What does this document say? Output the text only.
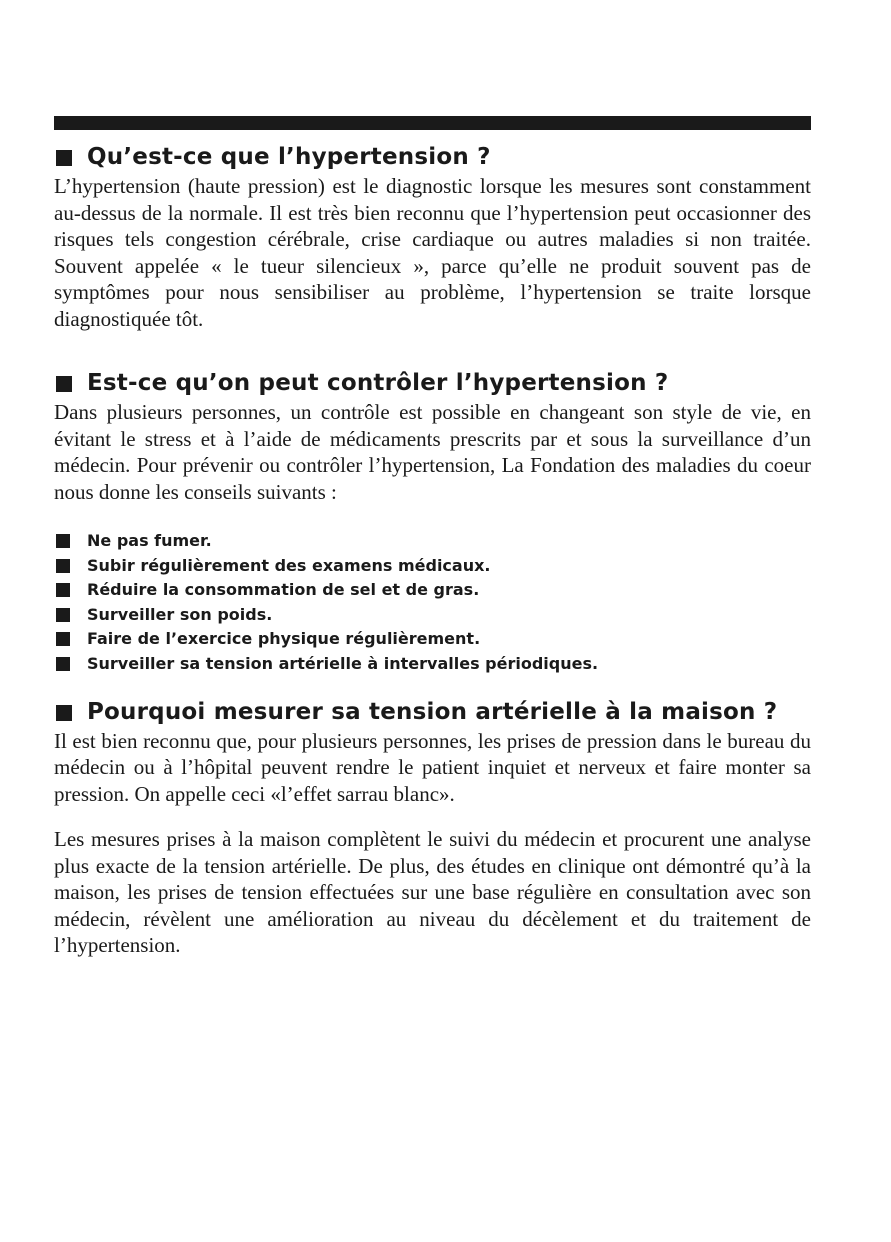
Qu’est-ce que l’hypertension ?

L’hypertension (haute pression) est le diagnostic lorsque les mesures sont constamment au-dessus de la normale. Il est très bien reconnu que l’hypertension peut occasionner des risques tels congestion cérébrale, crise cardiaque ou autres maladies si non traitée. Souvent appelée « le tueur silencieux », parce qu’elle ne produit souvent pas de symptômes pour nous sensibiliser au problème, l’hypertension se traite lorsque diagnostiquée tôt.

Est-ce qu’on peut contrôler l’hypertension ?

Dans plusieurs personnes, un contrôle est possible en changeant son style de vie, en évitant le stress et à l’aide de médicaments prescrits par et sous la surveillance d’un médecin. Pour prévenir ou contrôler l’hypertension, La Fondation des maladies du coeur nous donne les conseils suivants :

Ne pas fumer.
Subir régulièrement des examens médicaux.
Réduire la consommation de sel et de gras.
Surveiller son poids.
Faire de l’exercice physique régulièrement.
Surveiller sa tension artérielle à intervalles périodiques.
Pourquoi mesurer sa tension artérielle à la maison ?

Il est bien reconnu que, pour plusieurs personnes, les prises de pression dans le bureau du médecin ou à l’hôpital peuvent rendre le patient inquiet et nerveux et faire monter sa pression. On appelle ceci «l’effet sarrau blanc».

Les mesures prises à la maison complètent le suivi du médecin et procurent une analyse plus exacte de la tension artérielle. De plus, des études en clinique ont démontré qu’à la maison, les prises de tension effectuées sur une base régulière en consultation avec son médecin, révèlent une amélioration au niveau du décèlement et du traitement de l’hypertension.
